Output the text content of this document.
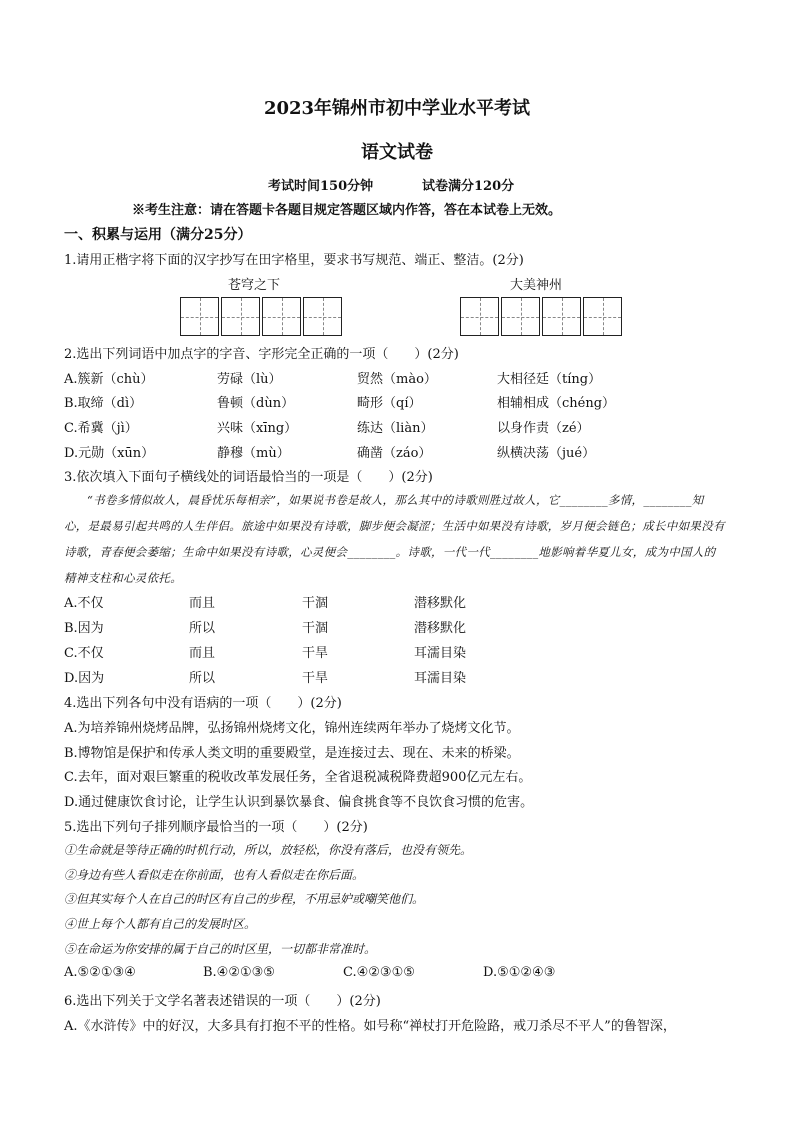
2023年锦州市初中学业水平考试
语文试卷
考试时间150分钟	试卷满分120分
※考生注意：请在答题卡各题目规定答题区域内作答，答在本试卷上无效。
一、积累与运用（满分25分）
1.请用正楷字将下面的汉字抄写在田字格里，要求书写规范、端正、整洁。(2分)
苍穹之下	大美神州
2.选出下列词语中加点字的字音、字形完全正确的一项（　　）(2分)
A.簇新（chù）	劳碌（lù）	贸然（mào）	大相径廷（tíng）
B.取缔（dì）	鲁顿（dùn）	畸形（qí）	相辅相成（chéng）
C.希冀（jì）	兴味（xīng）	练达（liàn）	以身作责（zé）
D.元勋（xūn）	静穆（mù）	确凿（záo）	纵横决荡（jué）
3.依次填入下面句子横线处的词语最恰当的一项是（　　）(2分)
“书卷多情似故人，晨昏忧乐每相亲”，如果说书卷是故人，那么其中的诗歌则胜过故人，它________多情，________知心，是最易引起共鸣的人生伴侣。旅途中如果没有诗歌，脚步便会凝涩；生活中如果没有诗歌，岁月便会链色；成长中如果没有诗歌，青春便会萎缩；生命中如果没有诗歌，心灵便会________。诗歌，一代一代________地影响着华夏儿女，成为中国人的精神支柱和心灵依托。
A.不仅	而且	干涸	潜移默化
B.因为	所以	干涸	潜移默化
C.不仅	而且	干旱	耳濡目染
D.因为	所以	干旱	耳濡目染
4.选出下列各句中没有语病的一项（　　）(2分)
A.为培养锦州烧烤品牌，弘扬锦州烧烤文化，锦州连续两年举办了烧烤文化节。
B.博物馆是保护和传承人类文明的重要殿堂，是连接过去、现在、未来的桥梁。
C.去年，面对艰巨繁重的税收改革发展任务，全省退税减税降费超900亿元左右。
D.通过健康饮食讨论，让学生认识到暴饮暴食、偏食挑食等不良饮食习惯的危害。
5.选出下列句子排列顺序最恰当的一项（　　）(2分)
①生命就是等待正确的时机行动，所以，放轻松，你没有落后，也没有领先。
②身边有些人看似走在你前面，也有人看似走在你后面。
③但其实每个人在自己的时区有自己的步程，不用忌妒或嘲笑他们。
④世上每个人都有自己的发展时区。
⑤在命运为你安排的属于自己的时区里，一切都非常准时。
A.⑤②①③④	B.④②①③⑤	C.④②③①⑤	D.⑤①②④③
6.选出下列关于文学名著表述错误的一项（　　）(2分)
A.《水浒传》中的好汉，大多具有打抱不平的性格。如号称“禅杖打开危险路，戒刀杀尽不平人”的鲁智深，
